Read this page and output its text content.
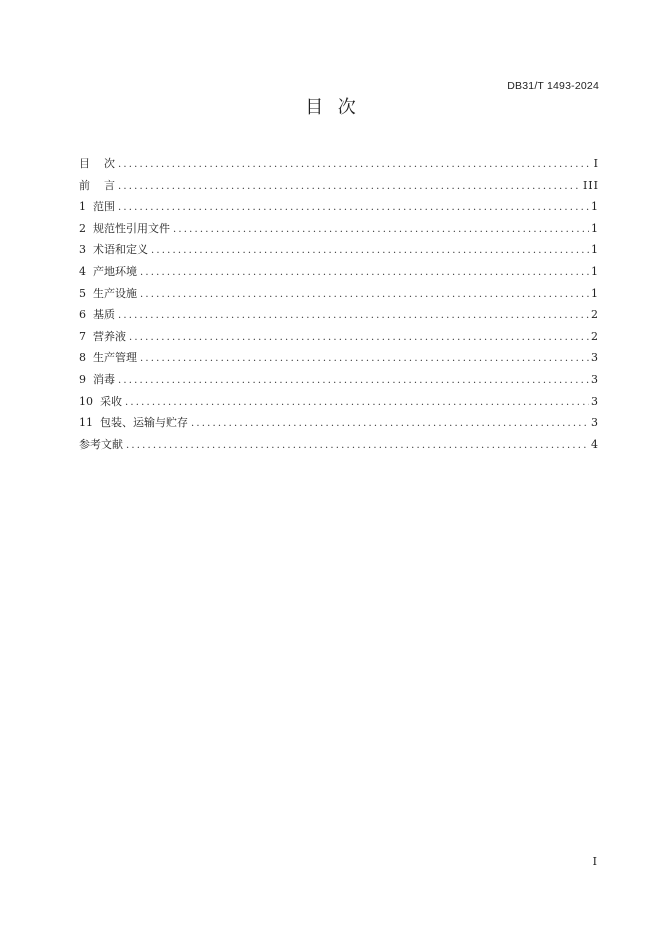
DB31/T 1493-2024
目  次
目    次 .....	I
前    言 .....	III
1  范围 .....	1
2  规范性引用文件 .....	1
3  术语和定义 .....	1
4  产地环境 .....	1
5  生产设施 .....	1
6  基质 .....	2
7  营养液 .....	2
8  生产管理 .....	3
9  消毒 .....	3
10  采收 .....	3
11  包装、运输与贮存 .....	3
参考文献 .....	4
I
